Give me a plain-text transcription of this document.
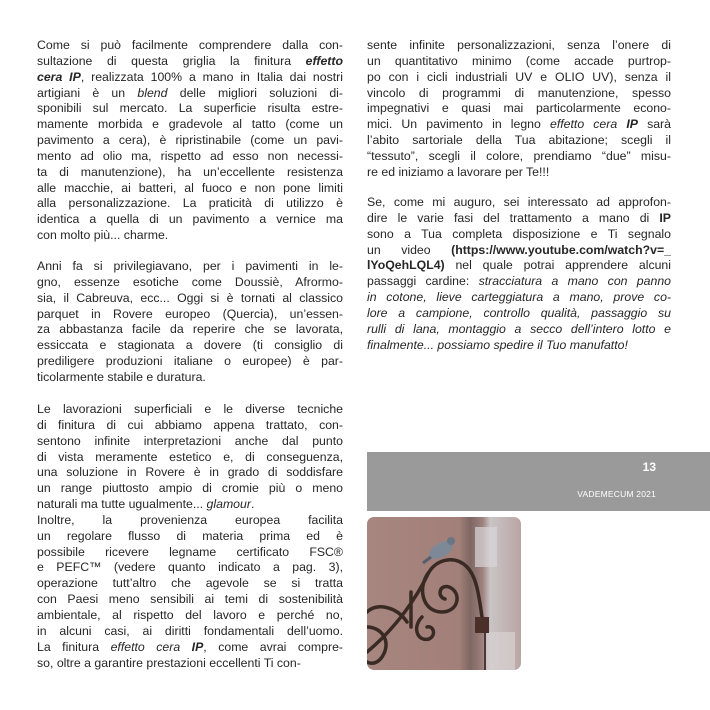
Come si può facilmente comprendere dalla con-
sultazione di questa griglia la finitura effetto
cera IP, realizzata 100% a mano in Italia dai nostri
artigiani è un blend delle migliori soluzioni di-
sponibili sul mercato. La superficie risulta estre-
mamente morbida e gradevole al tatto (come un
pavimento a cera), è ripristinabile (come un pavi-
mento ad olio ma, rispetto ad esso non necessi-
ta di manutenzione), ha un’eccellente resistenza
alle macchie, ai batteri, al fuoco e non pone limiti
alla personalizzazione. La praticità di utilizzo è
identica a quella di un pavimento a vernice ma
con molto più... charme.
Anni fa si privilegiavano, per i pavimenti in le-
gno, essenze esotiche come Doussiè, Afrormo-
sia, il Cabreuva, ecc... Oggi si è tornati al classico
parquet in Rovere europeo (Quercia), un’essen-
za abbastanza facile da reperire che se lavorata,
essiccata e stagionata a dovere (ti consiglio di
prediligere produzioni italiane o europee) è par-
ticolarmente stabile e duratura.
Le lavorazioni superficiali e le diverse tecniche
di finitura di cui abbiamo appena trattato, con-
sentono infinite interpretazioni anche dal punto
di vista meramente estetico e, di conseguenza,
una soluzione in Rovere è in grado di soddisfare
un range piuttosto ampio di cromie più o meno
naturali ma tutte ugualmente... glamour.
Inoltre, la provenienza europea facilita
un regolare flusso di materia prima ed è
possibile ricevere legname certificato FSC®
e PEFC™ (vedere quanto indicato a pag. 3),
operazione tutt’altro che agevole se si tratta
con Paesi meno sensibili ai temi di sostenibilità
ambientale, al rispetto del lavoro e perché no,
in alcuni casi, ai diritti fondamentali dell’uomo.
La finitura effetto cera IP, come avrai compre-
so, oltre a garantire prestazioni eccellenti Ti con-
sente infinite personalizzazioni, senza l’onere di
un quantitativo minimo (come accade purtrop-
po con i cicli industriali UV e OLIO UV), senza il
vincolo di programmi di manutenzione, spesso
impegnativi e quasi mai particolarmente econo-
mici. Un pavimento in legno effetto cera IP sarà
l’abito sartoriale della Tua abitazione; scegli il
“tessuto”, scegli il colore, prendiamo “due” misu-
re ed iniziamo a lavorare per Te!!!
Se, come mi auguro, sei interessato ad approfon-
dire le varie fasi del trattamento a mano di IP
sono a Tua completa disposizione e Ti segnalo
un video (https://www.youtube.com/watch?v=_
lYoQehLQL4) nel quale potrai apprendere alcuni
passaggi cardine: stracciatura a mano con panno
in cotone, lieve carteggiatura a mano, prove co-
lore a campione, controllo qualità, passaggio su
rulli di lana, montaggio a secco dell’intero lotto e
finalmente... possiamo spedire il Tuo manufatto!
13
VADEMECUM 2021
